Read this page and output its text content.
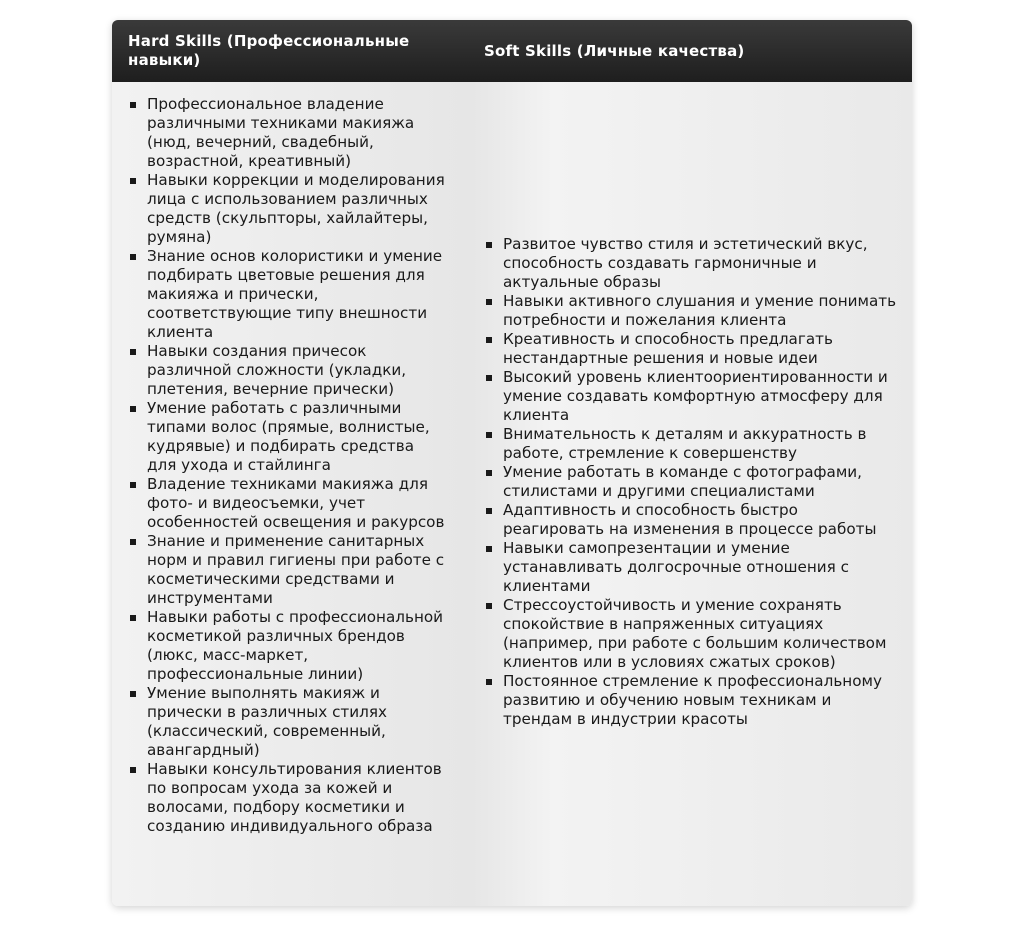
Hard Skills (Профессиональные навыки)
Soft Skills (Личные качества)
Профессиональное владение различными техниками макияжа (нюд, вечерний, свадебный, возрастной, креативный)
Навыки коррекции и моделирования лица с использованием различных средств (скульпторы, хайлайтеры, румяна)
Знание основ колористики и умение подбирать цветовые решения для макияжа и прически, соответствующие типу внешности клиента
Навыки создания причесок различной сложности (укладки, плетения, вечерние прически)
Умение работать с различными типами волос (прямые, волнистые, кудрявые) и подбирать средства для ухода и стайлинга
Владение техниками макияжа для фото- и видеосъемки, учет особенностей освещения и ракурсов
Знание и применение санитарных норм и правил гигиены при работе с косметическими средствами и инструментами
Навыки работы с профессиональной косметикой различных брендов (люкс, масс-маркет, профессиональные линии)
Умение выполнять макияж и прически в различных стилях (классический, современный, авангардный)
Навыки консультирования клиентов по вопросам ухода за кожей и волосами, подбору косметики и созданию индивидуального образа
Развитое чувство стиля и эстетический вкус, способность создавать гармоничные и актуальные образы
Навыки активного слушания и умение понимать потребности и пожелания клиента
Креативность и способность предлагать нестандартные решения и новые идеи
Высокий уровень клиентоориентированности и умение создавать комфортную атмосферу для клиента
Внимательность к деталям и аккуратность в работе, стремление к совершенству
Умение работать в команде с фотографами, стилистами и другими специалистами
Адаптивность и способность быстро реагировать на изменения в процессе работы
Навыки самопрезентации и умение устанавливать долгосрочные отношения с клиентами
Стрессоустойчивость и умение сохранять спокойствие в напряженных ситуациях (например, при работе с большим количеством клиентов или в условиях сжатых сроков)
Постоянное стремление к профессиональному развитию и обучению новым техникам и трендам в индустрии красоты
